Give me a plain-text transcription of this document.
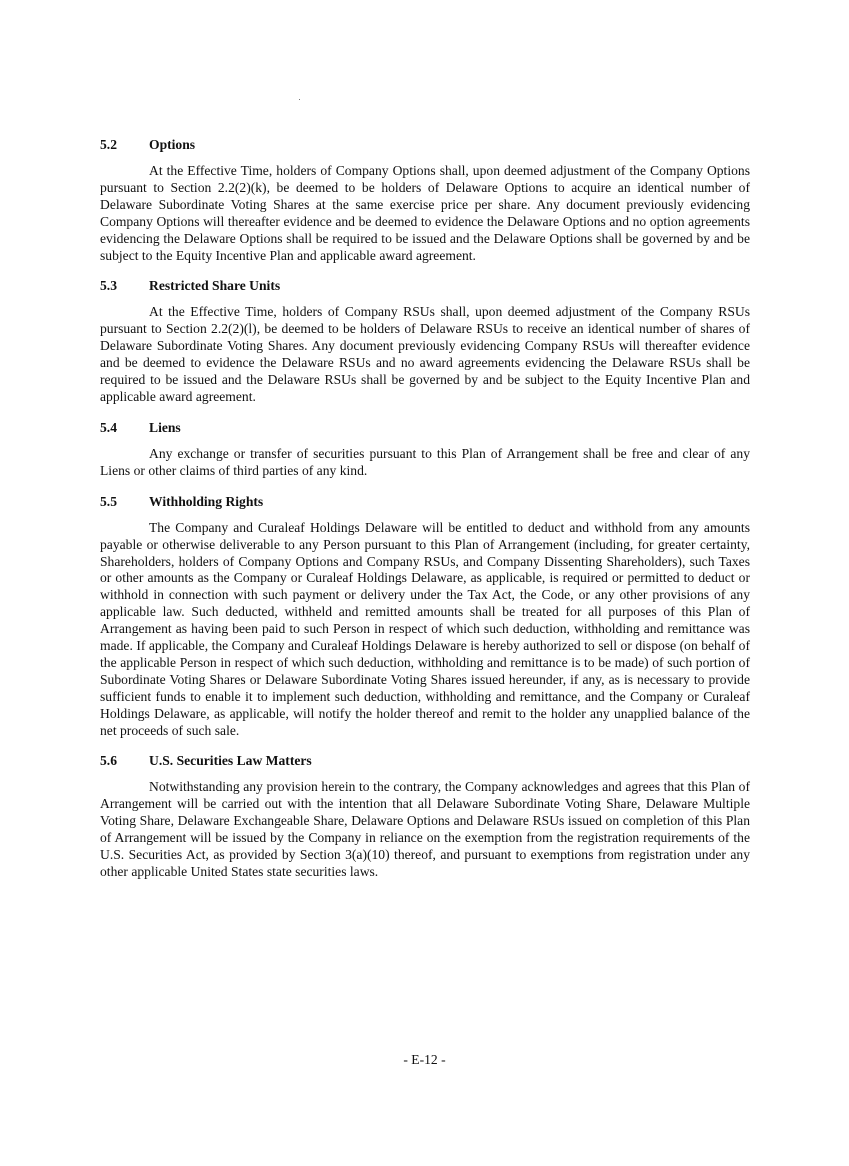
5.2	Options

At the Effective Time, holders of Company Options shall, upon deemed adjustment of the Company Options pursuant to Section 2.2(2)(k), be deemed to be holders of Delaware Options to acquire an identical number of Delaware Subordinate Voting Shares at the same exercise price per share. Any document previously evidencing Company Options will thereafter evidence and be deemed to evidence the Delaware Options and no option agreements evidencing the Delaware Options shall be required to be issued and the Delaware Options shall be governed by and be subject to the Equity Incentive Plan and applicable award agreement.

5.3	Restricted Share Units

At the Effective Time, holders of Company RSUs shall, upon deemed adjustment of the Company RSUs pursuant to Section 2.2(2)(l), be deemed to be holders of Delaware RSUs to receive an identical number of shares of Delaware Subordinate Voting Shares. Any document previously evidencing Company RSUs will thereafter evidence and be deemed to evidence the Delaware RSUs and no award agreements evidencing the Delaware RSUs shall be required to be issued and the Delaware RSUs shall be governed by and be subject to the Equity Incentive Plan and applicable award agreement.

5.4	Liens

Any exchange or transfer of securities pursuant to this Plan of Arrangement shall be free and clear of any Liens or other claims of third parties of any kind.

5.5	Withholding Rights

The Company and Curaleaf Holdings Delaware will be entitled to deduct and withhold from any amounts payable or otherwise deliverable to any Person pursuant to this Plan of Arrangement (including, for greater certainty, Shareholders, holders of Company Options and Company RSUs, and Company Dissenting Shareholders), such Taxes or other amounts as the Company or Curaleaf Holdings Delaware, as applicable, is required or permitted to deduct or withhold in connection with such payment or delivery under the Tax Act, the Code, or any other provisions of any applicable law. Such deducted, withheld and remitted amounts shall be treated for all purposes of this Plan of Arrangement as having been paid to such Person in respect of which such deduction, withholding and remittance was made. If applicable, the Company and Curaleaf Holdings Delaware is hereby authorized to sell or dispose (on behalf of the applicable Person in respect of which such deduction, withholding and remittance is to be made) of such portion of Subordinate Voting Shares or Delaware Subordinate Voting Shares issued hereunder, if any, as is necessary to provide sufficient funds to enable it to implement such deduction, withholding and remittance, and the Company or Curaleaf Holdings Delaware, as applicable, will notify the holder thereof and remit to the holder any unapplied balance of the net proceeds of such sale.

5.6	U.S. Securities Law Matters

Notwithstanding any provision herein to the contrary, the Company acknowledges and agrees that this Plan of Arrangement will be carried out with the intention that all Delaware Subordinate Voting Share, Delaware Multiple Voting Share, Delaware Exchangeable Share, Delaware Options and Delaware RSUs issued on completion of this Plan of Arrangement will be issued by the Company in reliance on the exemption from the registration requirements of the U.S. Securities Act, as provided by Section 3(a)(10) thereof, and pursuant to exemptions from registration under any other applicable United States state securities laws.

- E-12 -
